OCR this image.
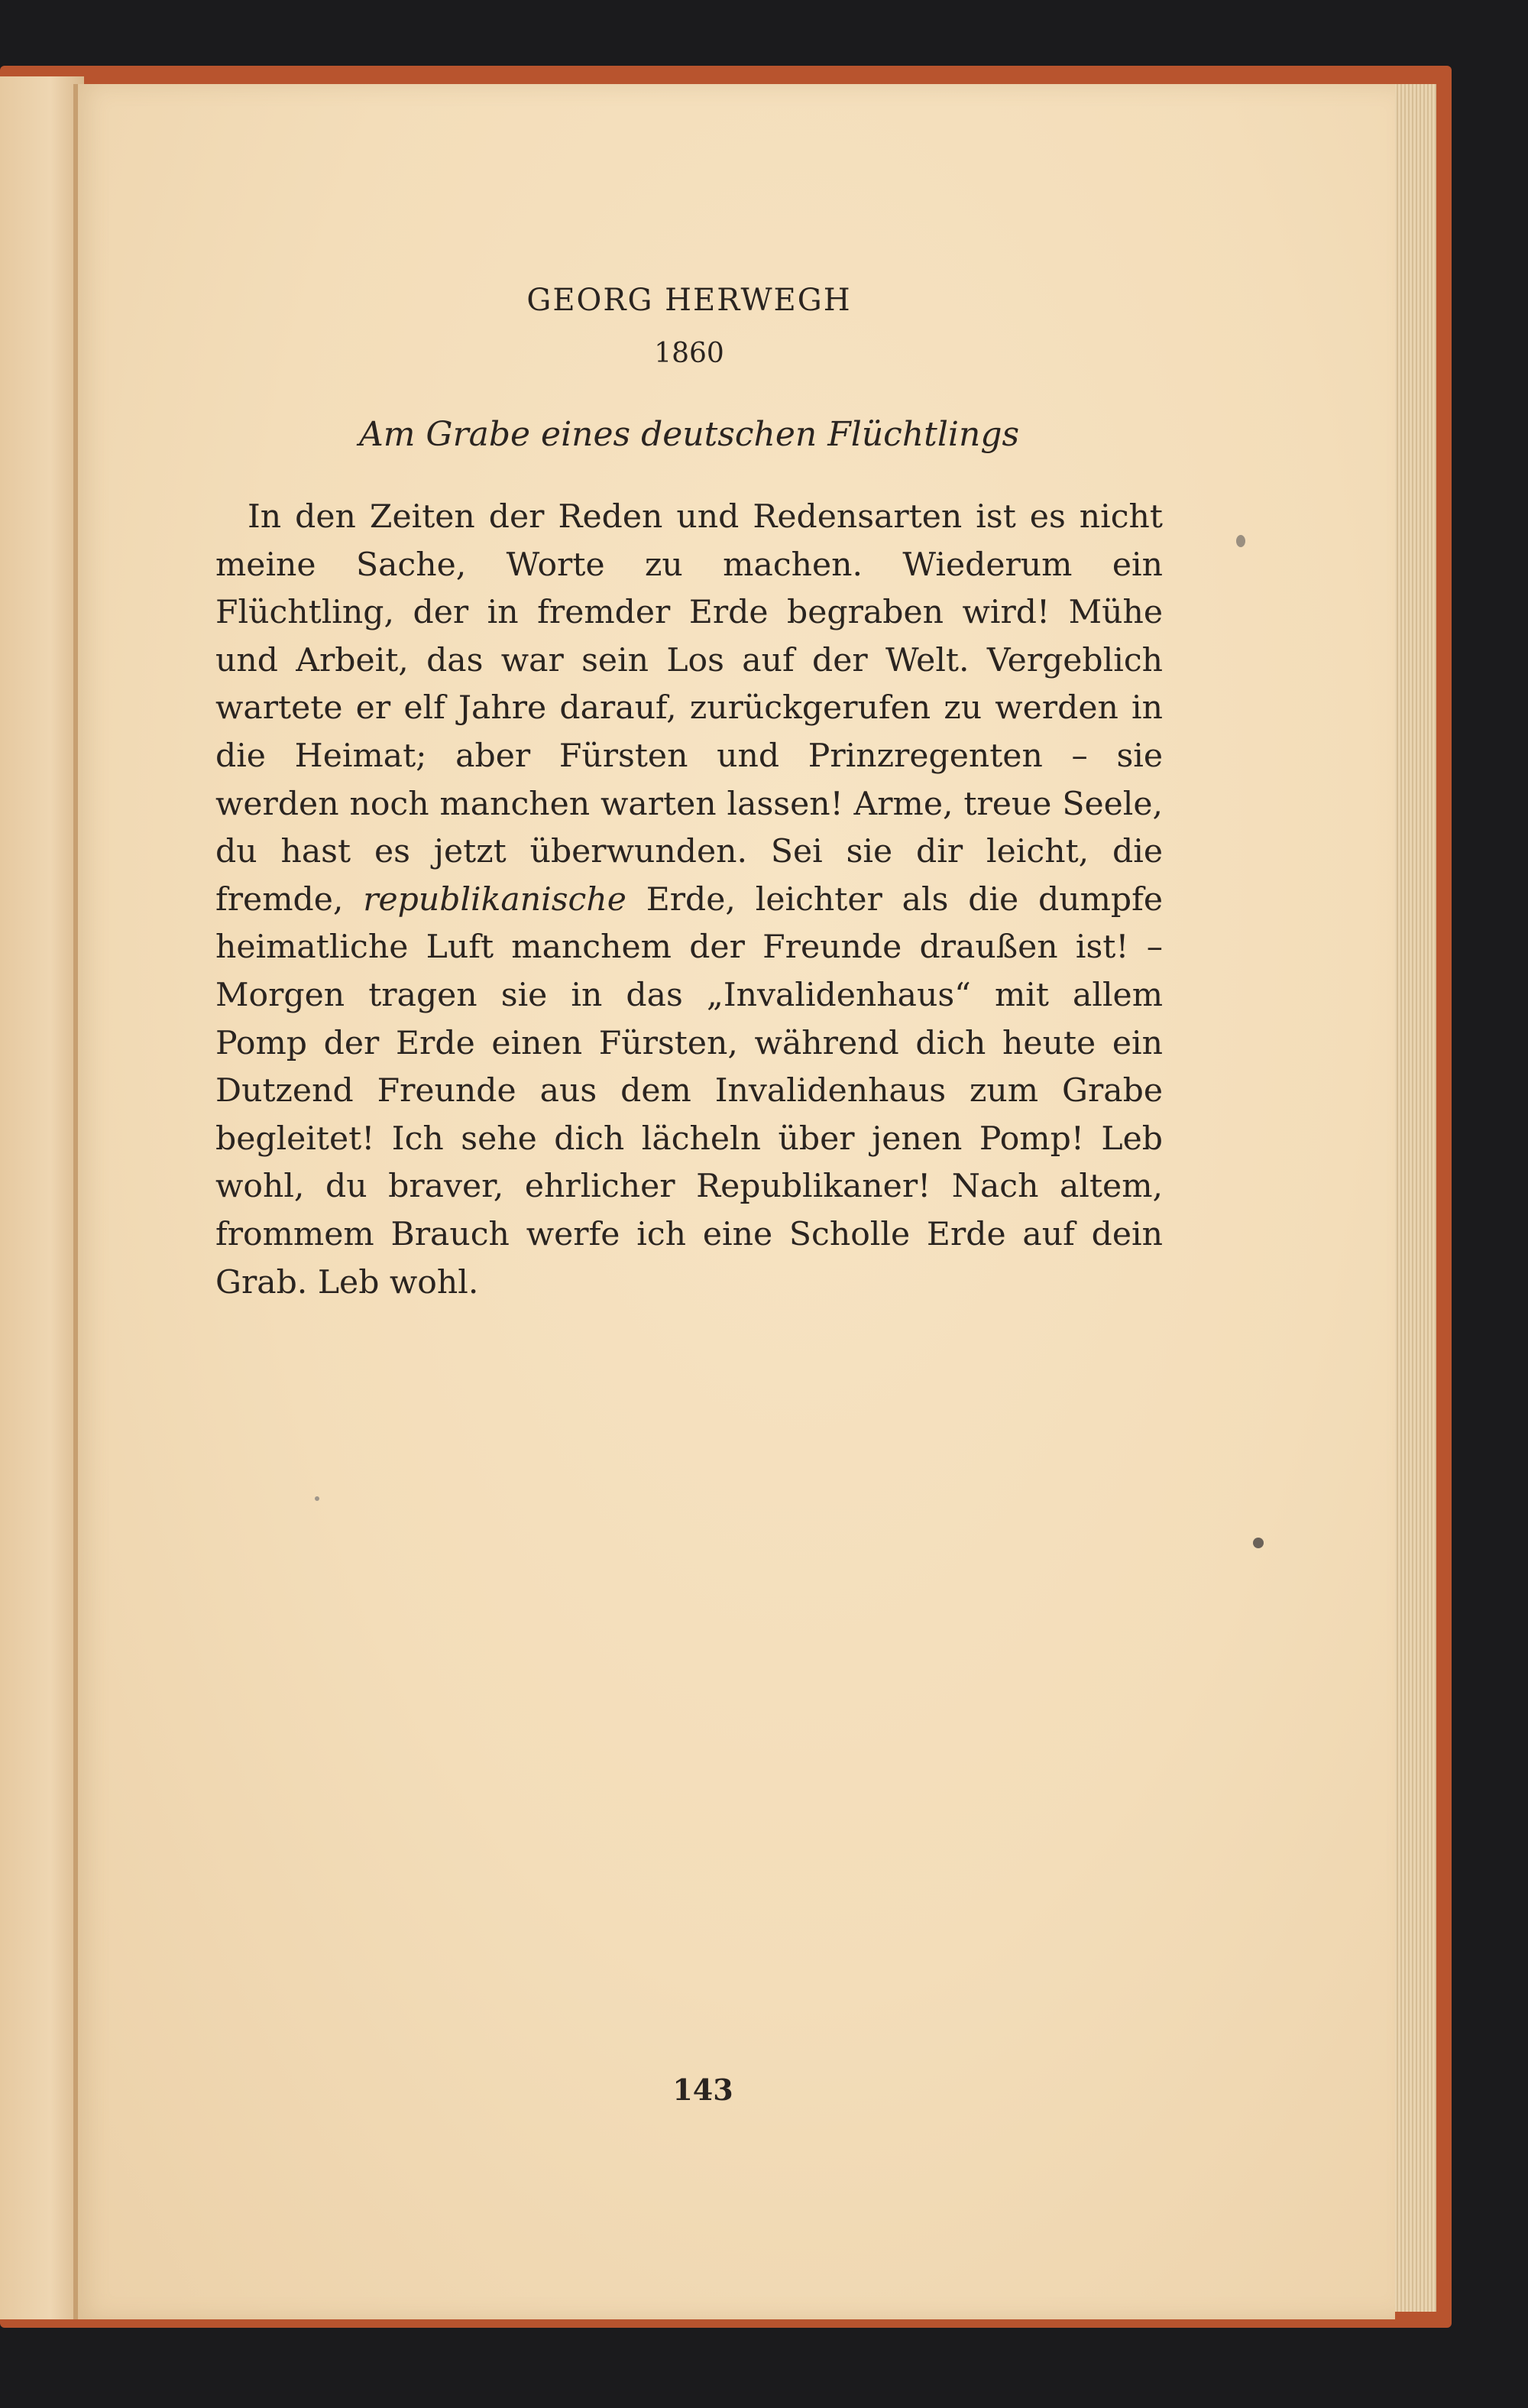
GEORG HERWEGH
1860
Am Grabe eines deutschen Flüchtlings

In den Zeiten der Reden und Redensarten ist es nicht meine Sache, Worte zu machen. Wiederum ein Flüchtling, der in fremder Erde begraben wird! Mühe und Arbeit, das war sein Los auf der Welt. Vergeblich wartete er elf Jahre darauf, zurückgerufen zu werden in die Heimat; aber Fürsten und Prinzregenten – sie werden noch manchen warten lassen! Arme, treue Seele, du hast es jetzt überwunden. Sei sie dir leicht, die fremde, republikanische Erde, leichter als die dumpfe heimatliche Luft manchem der Freunde draußen ist! – Morgen tragen sie in das „Invalidenhaus“ mit allem Pomp der Erde einen Fürsten, während dich heute ein Dutzend Freunde aus dem Invalidenhaus zum Grabe begleitet! Ich sehe dich lächeln über jenen Pomp! Leb wohl, du braver, ehrlicher Republikaner! Nach altem, frommem Brauch werfe ich eine Scholle Erde auf dein Grab. Leb wohl.

143
